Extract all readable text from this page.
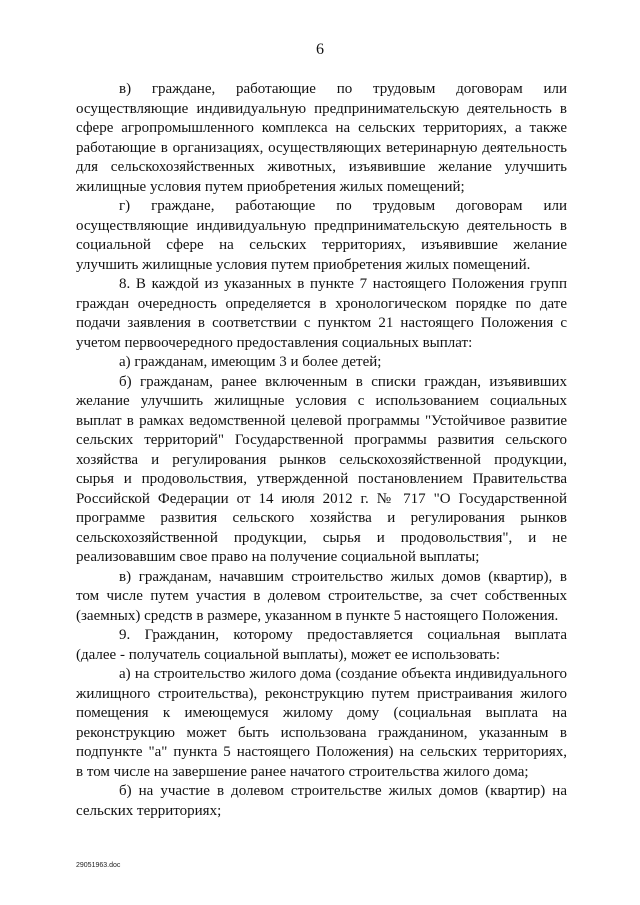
6
в) граждане, работающие по трудовым договорам или
осуществляющие индивидуальную предпринимательскую деятельность в
сфере агропромышленного комплекса на сельских территориях, а также
работающие в организациях, осуществляющих ветеринарную деятельность
для сельскохозяйственных животных, изъявившие желание улучшить
жилищные условия путем приобретения жилых помещений;
г) граждане, работающие по трудовым договорам или
осуществляющие индивидуальную предпринимательскую деятельность в
социальной сфере на сельских территориях, изъявившие желание
улучшить жилищные условия путем приобретения жилых помещений.
8. В каждой из указанных в пункте 7 настоящего Положения групп
граждан очередность определяется в хронологическом порядке по дате
подачи заявления в соответствии с пунктом 21 настоящего Положения с
учетом первоочередного предоставления социальных выплат:
а) гражданам, имеющим 3 и более детей;
б) гражданам, ранее включенным в списки граждан, изъявивших
желание улучшить жилищные условия с использованием социальных
выплат в рамках ведомственной целевой программы "Устойчивое развитие
сельских территорий" Государственной программы развития сельского
хозяйства и регулирования рынков сельскохозяйственной продукции,
сырья и продовольствия, утвержденной постановлением Правительства
Российской Федерации от 14 июля 2012 г. № 717 "О Государственной
программе развития сельского хозяйства и регулирования рынков
сельскохозяйственной продукции, сырья и продовольствия", и не
реализовавшим свое право на получение социальной выплаты;
в) гражданам, начавшим строительство жилых домов (квартир), в
том числе путем участия в долевом строительстве, за счет собственных
(заемных) средств в размере, указанном в пункте 5 настоящего Положения.
9. Гражданин, которому предоставляется социальная выплата
(далее - получатель социальной выплаты), может ее использовать:
а) на строительство жилого дома (создание объекта индивидуального
жилищного строительства), реконструкцию путем пристраивания жилого
помещения к имеющемуся жилому дому (социальная выплата на
реконструкцию может быть использована гражданином, указанным в
подпункте "а" пункта 5 настоящего Положения) на сельских территориях,
в том числе на завершение ранее начатого строительства жилого дома;
б) на участие в долевом строительстве жилых домов (квартир) на
сельских территориях;
29051963.doc
